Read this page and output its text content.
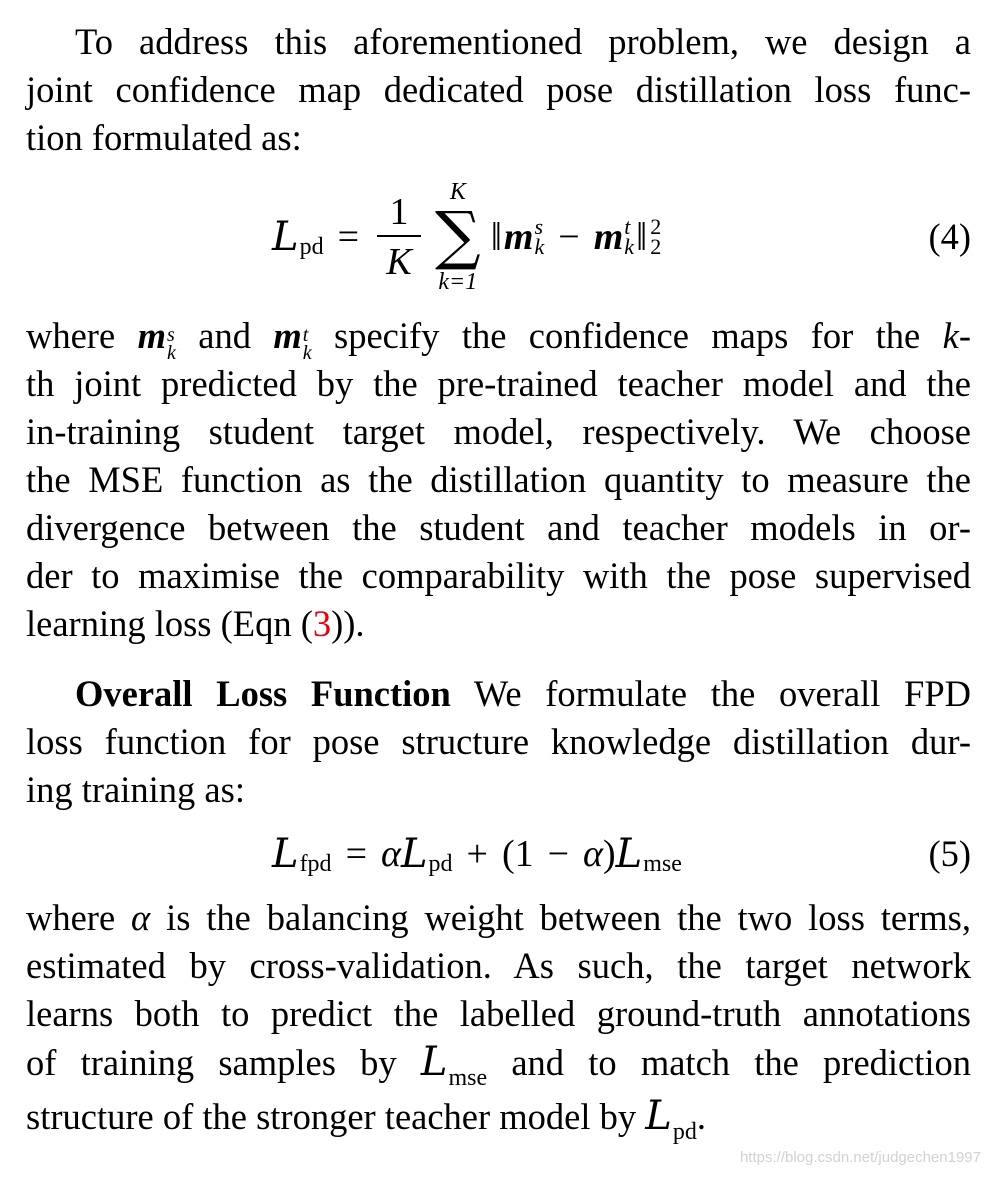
To address this aforementioned problem, we design a
joint confidence map dedicated pose distillation loss func-
tion formulated as:
L pd = $\frac{1}{K}$
K
∑
k=1
‖ m s
k − m t
k ‖ 2
2	(4)
where m s
k and m t
k specify the confidence maps for the k-
th joint predicted by the pre-trained teacher model and the
in-training student target model, respectively. We choose
the MSE function as the distillation quantity to measure the
divergence between the student and teacher models in or-
der to maximise the comparability with the pose supervised
learning loss (Eqn (3)).
Overall Loss Function We formulate the overall FPD
loss function for pose structure knowledge distillation dur-
ing training as:
L fpd = α L pd + (1 − α ) L mse	(5)
where α is the balancing weight between the two loss terms,
estimated by cross-validation. As such, the target network
learns both to predict the labelled ground-truth annotations
of training samples by $L_{mse}$ and to match the prediction
structure of the stronger teacher model by $L_{pd}$.
https://blog.csdn.net/judgechen1997
